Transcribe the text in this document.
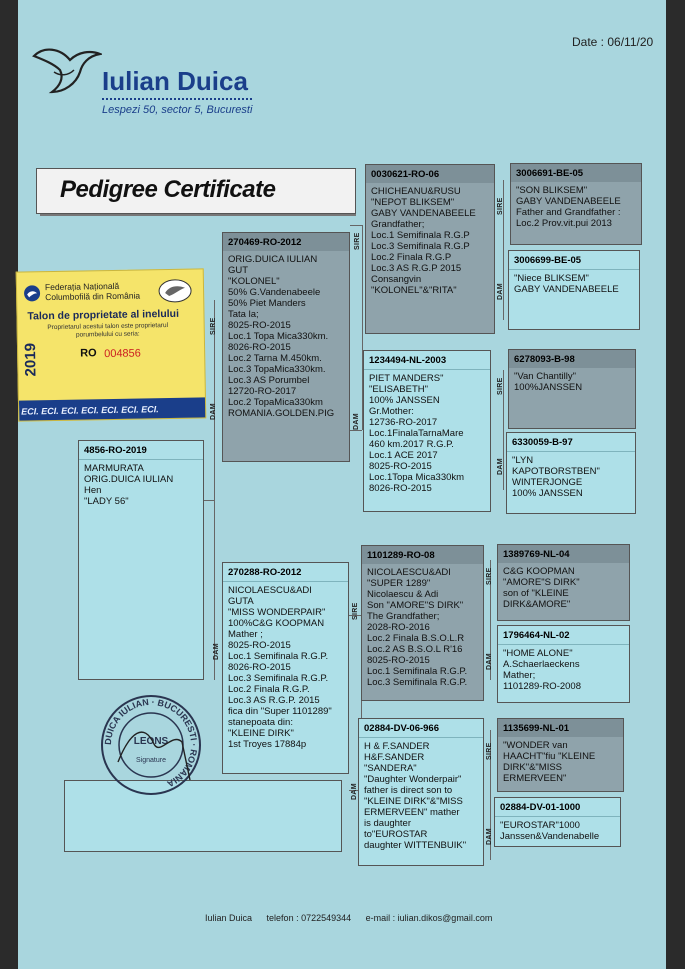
Date : 06/11/20
Iulian Duica
Lespezi 50, sector 5, Bucuresti
Pedigree Certificate
SIRE
DAM
DAM
SIRE
DAM
SIRE
DAM
SIRE
DAM
SIRE
DAM
SIRE
DAM
SIRE
DAM
4856-RO-2019
MARMURATA
ORIG.DUICA IULIAN
Hen
"LADY 56"
270469-RO-2012
ORIG.DUICA IULIAN
GUT
"KOLONEL"
50% G.Vandenabeele
50% Piet Manders
Tata la;
8025-RO-2015
Loc.1 Topa Mica330km.
8026-RO-2015
Loc.2 Tarna M.450km.
Loc.3 TopaMica330km.
Loc.3 AS Porumbel
12720-RO-2017
Loc.2 TopaMica330km
ROMANIA.GOLDEN.PIG
270288-RO-2012
NICOLAESCU&ADI
GUTA
"MISS WONDERPAIR"
100%C&G KOOPMAN
Mather ;
8025-RO-2015
Loc.1 Semifinala R.G.P.
8026-RO-2015
Loc.3 Semifinala R.G.P.
Loc.2 Finala R.G.P.
Loc.3 AS R.G.P. 2015
fica din "Super 1101289"
stanepoata din:
"KLEINE DIRK"
1st Troyes 17884p
0030621-RO-06
CHICHEANU&RUSU
"NEPOT BLIKSEM"
GABY VANDENABEELE
Grandfather;
Loc.1 Semifinala R.G.P
Loc.3 Semifinala R.G.P
Loc.2 Finala R.G.P
Loc.3 AS R.G.P 2015
Consangvin
"KOLONEL"&"RITA"
1234494-NL-2003
PIET MANDERS"
"ELISABETH"
100% JANSSEN
Gr.Mother:
12736-RO-2017
Loc.1FinalaTarnaMare
460 km.2017 R.G.P.
Loc.1 ACE 2017
8025-RO-2015
Loc.1Topa Mica330km
8026-RO-2015
1101289-RO-08
NICOLAESCU&ADI
"SUPER 1289"
Nicolaescu & Adi
Son "AMORE"S DIRK"
The Grandfather;
2028-RO-2016
Loc.2 Finala B.S.O.L.R
Loc.2 AS B.S.O.L R'16
8025-RO-2015
Loc.1 Semifinala R.G.P.
Loc.3 Semifinala R.G.P.
02884-DV-06-966
H & F.SANDER
H&F.SANDER
"SANDERA"
"Daughter Wonderpair"
father is direct son to
"KLEINE DIRK"&"MISS
ERMERVEEN" mather
is daughter
to"EUROSTAR
daughter WITTENBUIK"
3006691-BE-05
"SON BLIKSEM"
GABY VANDENABEELE
Father and Grandfather :
Loc.2 Prov.vit.pui 2013
3006699-BE-05
"Niece BLIKSEM"
GABY VANDENABEELE
6278093-B-98
"Van Chantilly"
100%JANSSEN
6330059-B-97
"LYN
KAPOTBORSTBEN"
WINTERJONGE
100% JANSSEN
1389769-NL-04
C&G KOOPMAN
"AMORE"S DIRK"
son of "KLEINE
DIRK&AMORE"
1796464-NL-02
"HOME ALONE"
A.Schaerlaeckens
Mather;
1101289-RO-2008
1135699-NL-01
"WONDER van
HAACHT"fiu "KLEINE
DIRK"&"MISS
ERMERVEEN"
02884-DV-01-1000
"EUROSTAR"1000
Janssen&Vandenabelle
Federația Națională Columbofilă din România
Talon de proprietate al inelului
Proprietarul acestui talon este proprietarul porumbelului cu seria:
RO 004856
2019
ECI. ECI. ECI. ECI. ECI. ECI. ECI.
DUICA IULIAN · BUCURESTI · ROMANIA
LEONS
Signature
Iulian Duica telefon : 0722549344 e-mail : iulian.dikos@gmail.com
